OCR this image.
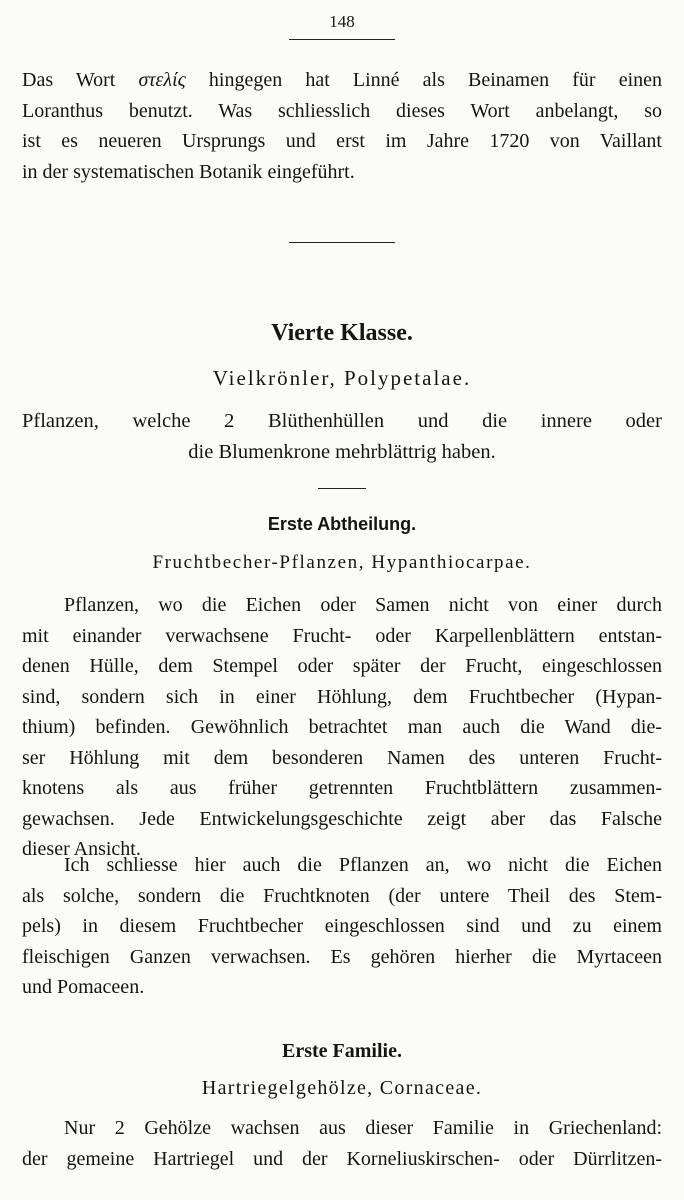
148
Das Wort στελίς hingegen hat Linné als Beinamen für einen
Loranthus benutzt. Was schliesslich dieses Wort anbelangt, so
ist es neueren Ursprungs und erst im Jahre 1720 von Vaillant
in der systematischen Botanik eingeführt.
Vierte Klasse.
Vielkrönler, Polypetalae.
Pflanzen, welche 2 Blüthenhüllen und die innere oder
die Blumenkrone mehrblättrig haben.
Erste Abtheilung.
Fruchtbecher-Pflanzen, Hypanthiocarpae.
Pflanzen, wo die Eichen oder Samen nicht von einer durch
mit einander verwachsene Frucht- oder Karpellenblättern entstan-
denen Hülle, dem Stempel oder später der Frucht, eingeschlossen
sind, sondern sich in einer Höhlung, dem Fruchtbecher (Hypan-
thium) befinden. Gewöhnlich betrachtet man auch die Wand die-
ser Höhlung mit dem besonderen Namen des unteren Frucht-
knotens als aus früher getrennten Fruchtblättern zusammen-
gewachsen. Jede Entwickelungsgeschichte zeigt aber das Falsche
dieser Ansicht.
Ich schliesse hier auch die Pflanzen an, wo nicht die Eichen
als solche, sondern die Fruchtknoten (der untere Theil des Stem-
pels) in diesem Fruchtbecher eingeschlossen sind und zu einem
fleischigen Ganzen verwachsen. Es gehören hierher die Myrtaceen
und Pomaceen.
Erste Familie.
Hartriegelgehölze, Cornaceae.
Nur 2 Gehölze wachsen aus dieser Familie in Griechenland:
der gemeine Hartriegel und der Korneliuskirschen- oder Dürrlitzen-
